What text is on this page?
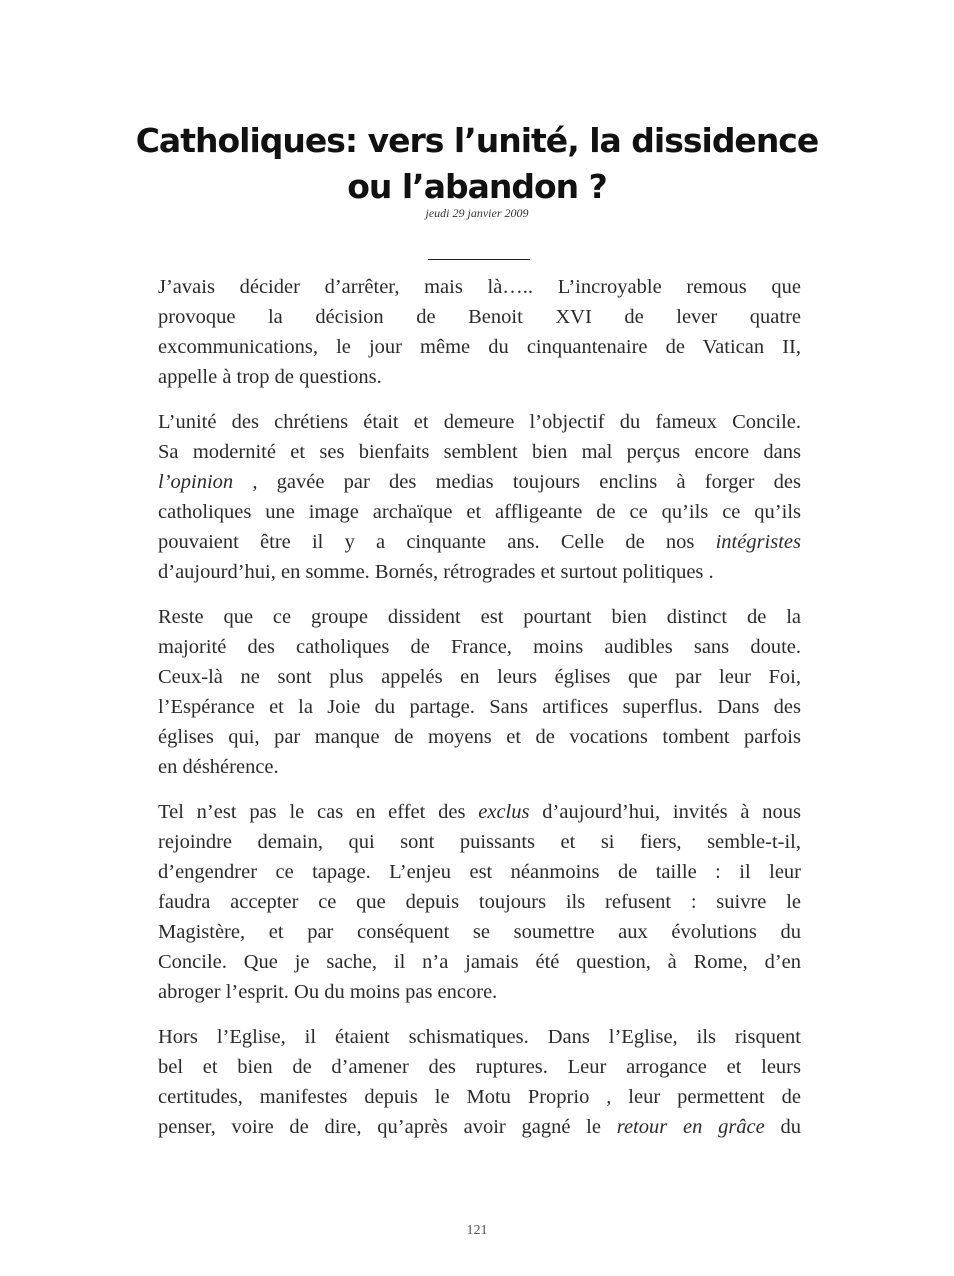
Catholiques: vers l’unité, la dissidence
ou l’abandon ?
jeudi 29 janvier 2009
J’avais décider d’arrêter, mais là….. L’incroyable remous que
provoque la décision de Benoit XVI de lever quatre
excommunications, le jour même du cinquantenaire de Vatican II,
appelle à trop de questions.
L’unité des chrétiens était et demeure l’objectif du fameux Concile.
Sa modernité et ses bienfaits semblent bien mal perçus encore dans
l’opinion , gavée par des medias toujours enclins à forger des
catholiques une image archaïque et affligeante de ce qu’ils ce qu’ils
pouvaient être il y a cinquante ans. Celle de nos intégristes
d’aujourd’hui, en somme. Bornés, rétrogrades et surtout politiques .
Reste que ce groupe dissident est pourtant bien distinct de la
majorité des catholiques de France, moins audibles sans doute.
Ceux-là ne sont plus appelés en leurs églises que par leur Foi,
l’Espérance et la Joie du partage. Sans artifices superflus. Dans des
églises qui, par manque de moyens et de vocations tombent parfois
en déshérence.
Tel n’est pas le cas en effet des exclus d’aujourd’hui, invités à nous
rejoindre demain, qui sont puissants et si fiers, semble-t-il,
d’engendrer ce tapage. L’enjeu est néanmoins de taille : il leur
faudra accepter ce que depuis toujours ils refusent : suivre le
Magistère, et par conséquent se soumettre aux évolutions du
Concile. Que je sache, il n’a jamais été question, à Rome, d’en
abroger l’esprit. Ou du moins pas encore.
Hors l’Eglise, il étaient schismatiques. Dans l’Eglise, ils risquent
bel et bien de d’amener des ruptures. Leur arrogance et leurs
certitudes, manifestes depuis le Motu Proprio , leur permettent de
penser, voire de dire, qu’après avoir gagné le retour en grâce du
121
